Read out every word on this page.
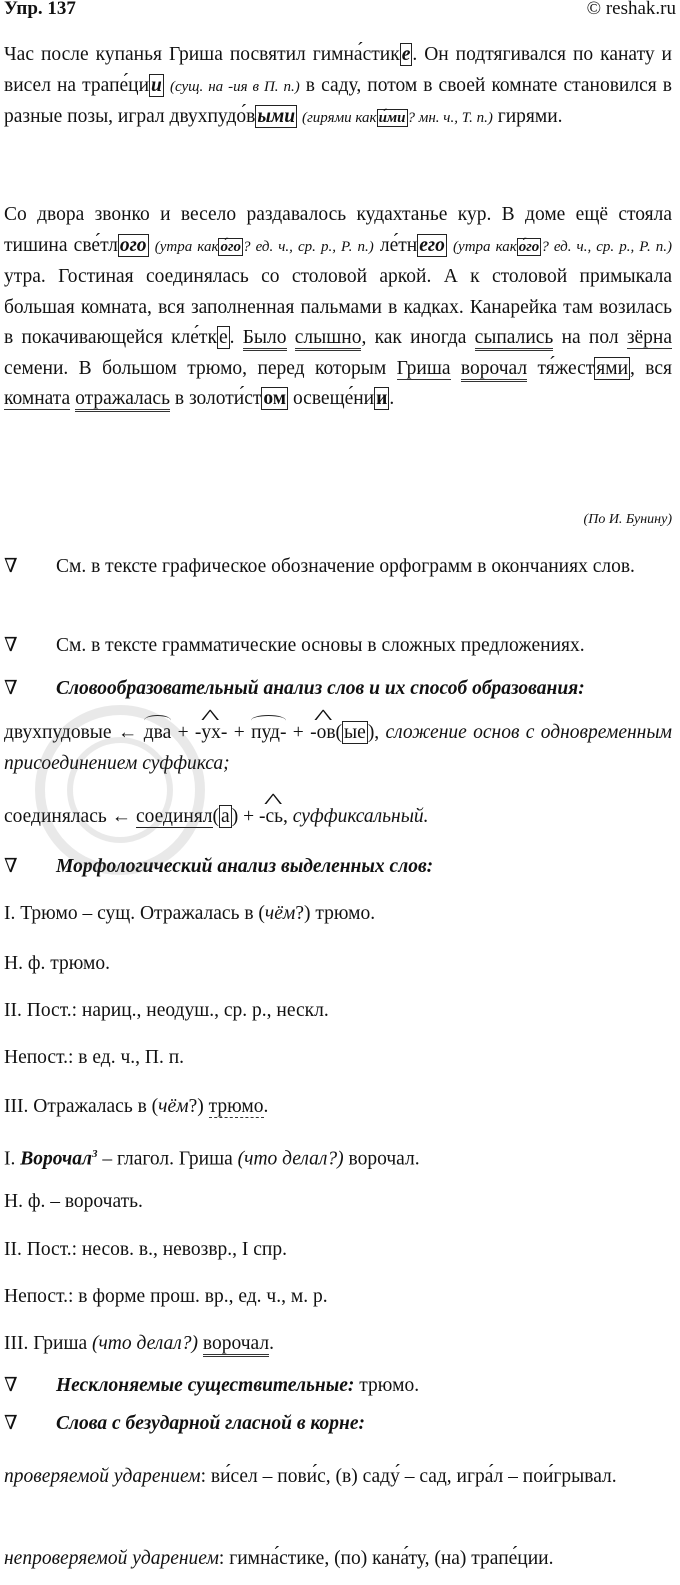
Упр. 137	© reshak.ru
Час после купанья Гриша посвятил гимна́стик е . Он подтягивался по канату и висел на трапе́ци и (сущ. на -ия в П. п.) в саду, потом в своей комнате становился в разные позы, играл двухпудо́в ыми (гирями как и́ми ? мн. ч., Т. п.) гирями.
Со двора звонко и весело раздавалось кудахтанье кур. В доме ещё стояла тишина све́тл ого (утра как о́го ? ед. ч., ср. р., Р. п.) ле́тн его (утра как о́го ? ед. ч., ср. р., Р. п.) утра. Гостиная соединялась со столовой аркой. А к столовой примыкала большая комната, вся заполненная пальмами в кадках. Канарейка там возилась в покачивающейся кле́тк е . Было слышно, как иногда сыпались на пол зёрна семени. В большом трюмо, перед которым Гриша ворочал тя́жест ями , вся комната отражалась в золоти́ст ом освеще́ни и .
(По И. Бунину)
∇ См. в тексте графическое обозначение орфограмм в окончаниях слов.
∇ См. в тексте грамматические основы в сложных предложениях.
∇ Словообразовательный анализ слов и их способ образования:
двухпудовые ← два + ^ -ух- + пуд- + ^ -ов( ые ), сложение основ с одновременным присоединением суффикса;
соединялась ← соединял( а ) + ^ -сь, суффиксальный.
∇ Морфологический анализ выделенных слов:
I. Трюмо – сущ. Отражалась в (чём?) трюмо.
Н. ф. трюмо.
II. Пост.: нариц., неодуш., ср. р., нескл.
Непост.: в ед. ч., П. п.
III. Отражалась в (чём?) трюмо.
I. Ворочал$^3$ – глагол. Гриша (что делал?) ворочал.
Н. ф. – ворочать.
II. Пост.: несов. в., невозвр., I спр.
Непост.: в форме прош. вр., ед. ч., м. р.
III. Гриша (что делал?) ворочал.
∇ Несклоняемые существительные: трюмо.
∇ Слова с безударной гласной в корне:
проверяемой ударением: ви́сел – пови́с, (в) саду́ – сад, игра́л – пои́грывал.
непроверяемой ударением: гимна́стике, (по) кана́ту, (на) трапе́ции.
